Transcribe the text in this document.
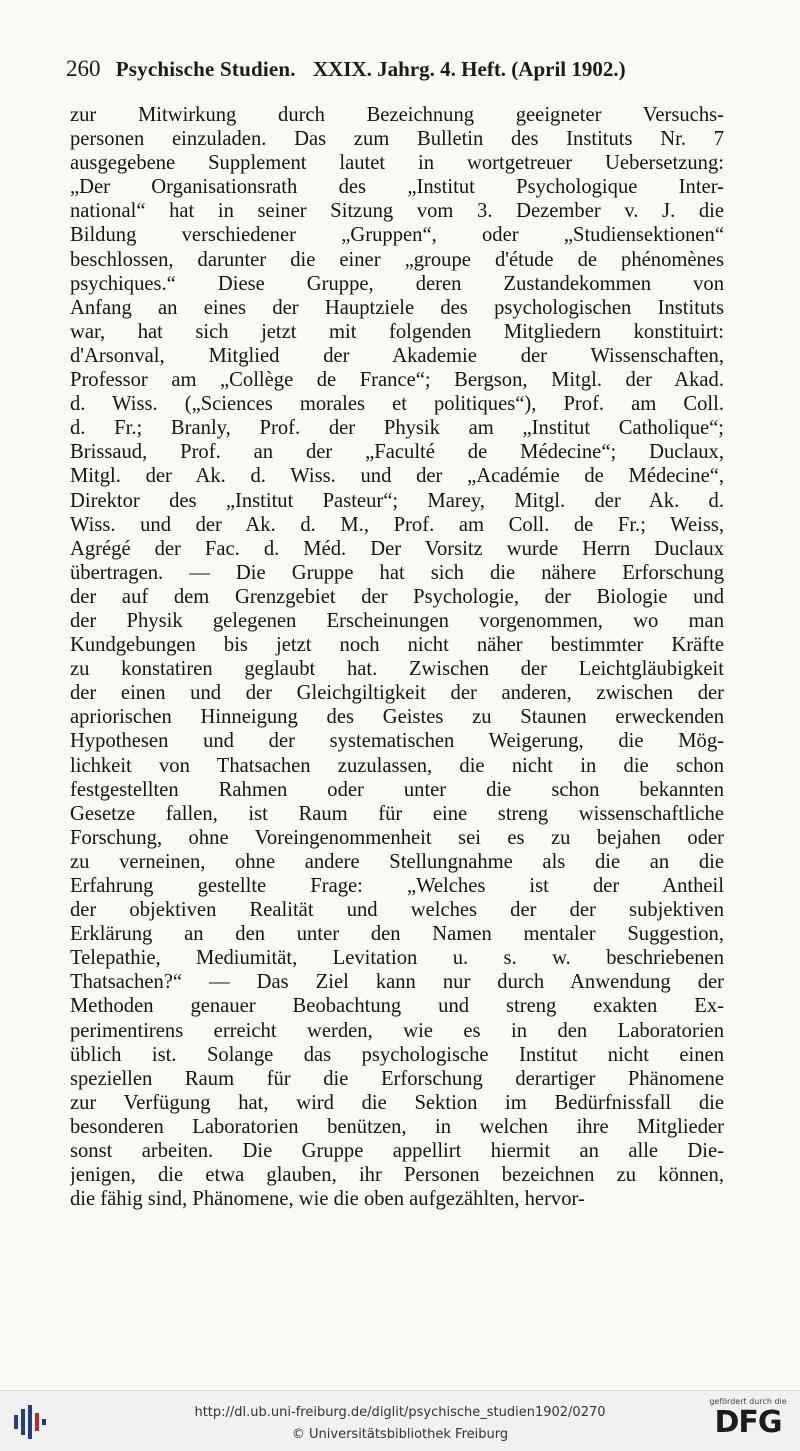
260 Psychische Studien. XXIX. Jahrg. 4. Heft. (April 1902.)
zur Mitwirkung durch Bezeichnung geeigneter Versuchs-
personen einzuladen. Das zum Bulletin des Instituts Nr. 7
ausgegebene Supplement lautet in wortgetreuer Uebersetzung:
„Der Organisationsrath des „Institut Psychologique Inter-
national“ hat in seiner Sitzung vom 3. Dezember v. J. die
Bildung verschiedener „Gruppen“, oder „Studiensektionen“
beschlossen, darunter die einer „groupe d'étude de phénomènes
psychiques.“ Diese Gruppe, deren Zustandekommen von
Anfang an eines der Hauptziele des psychologischen Instituts
war, hat sich jetzt mit folgenden Mitgliedern konstituirt:
d'Arsonval, Mitglied der Akademie der Wissenschaften,
Professor am „Collège de France“; Bergson, Mitgl. der Akad.
d. Wiss. („Sciences morales et politiques“), Prof. am Coll.
d. Fr.; Branly, Prof. der Physik am „Institut Catholique“;
Brissaud, Prof. an der „Faculté de Médecine“; Duclaux,
Mitgl. der Ak. d. Wiss. und der „Académie de Médecine“,
Direktor des „Institut Pasteur“; Marey, Mitgl. der Ak. d.
Wiss. und der Ak. d. M., Prof. am Coll. de Fr.; Weiss,
Agrégé der Fac. d. Méd. Der Vorsitz wurde Herrn Duclaux
übertragen. — Die Gruppe hat sich die nähere Erforschung
der auf dem Grenzgebiet der Psychologie, der Biologie und
der Physik gelegenen Erscheinungen vorgenommen, wo man
Kundgebungen bis jetzt noch nicht näher bestimmter Kräfte
zu konstatiren geglaubt hat. Zwischen der Leichtgläubigkeit
der einen und der Gleichgiltigkeit der anderen, zwischen der
apriorischen Hinneigung des Geistes zu Staunen erweckenden
Hypothesen und der systematischen Weigerung, die Mög-
lichkeit von Thatsachen zuzulassen, die nicht in die schon
festgestellten Rahmen oder unter die schon bekannten
Gesetze fallen, ist Raum für eine streng wissenschaftliche
Forschung, ohne Voreingenommenheit sei es zu bejahen oder
zu verneinen, ohne andere Stellungnahme als die an die
Erfahrung gestellte Frage: „Welches ist der Antheil
der objektiven Realität und welches der der subjektiven
Erklärung an den unter den Namen mentaler Suggestion,
Telepathie, Mediumität, Levitation u. s. w. beschriebenen
Thatsachen?“ — Das Ziel kann nur durch Anwendung der
Methoden genauer Beobachtung und streng exakten Ex-
perimentirens erreicht werden, wie es in den Laboratorien
üblich ist. Solange das psychologische Institut nicht einen
speziellen Raum für die Erforschung derartiger Phänomene
zur Verfügung hat, wird die Sektion im Bedürfnissfall die
besonderen Laboratorien benützen, in welchen ihre Mitglieder
sonst arbeiten. Die Gruppe appellirt hiermit an alle Die-
jenigen, die etwa glauben, ihr Personen bezeichnen zu können,
die fähig sind, Phänomene, wie die oben aufgezählten, hervor-
http://dl.ub.uni-freiburg.de/diglit/psychische_studien1902/0270
© Universitätsbibliothek Freiburg
gefördert durch die
DFG
